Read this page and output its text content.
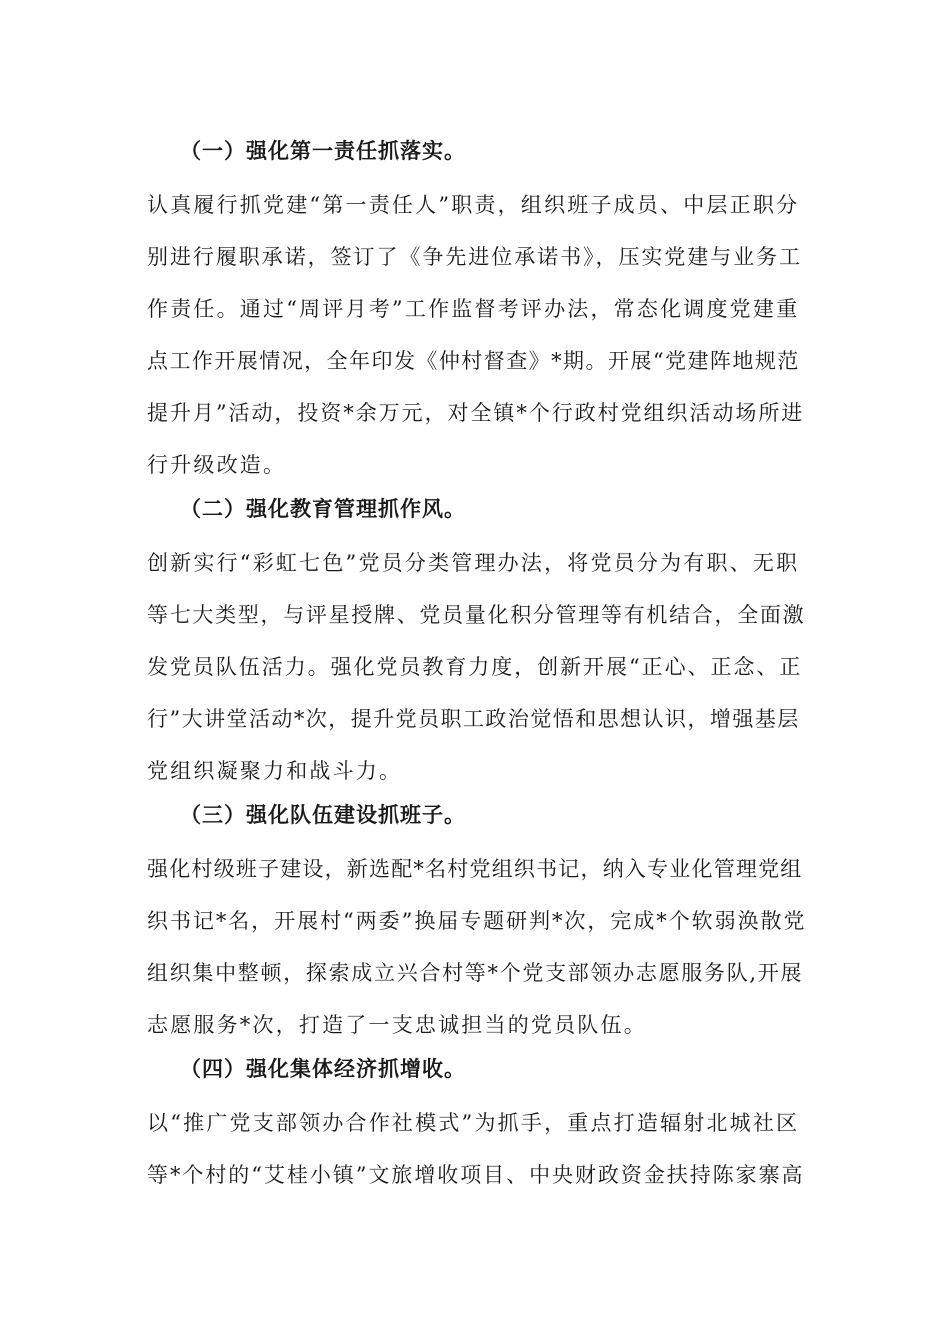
（一）强化第一责任抓落实。
认真履行抓党建“第一责任人”职责，组织班子成员、中层正职分
别进行履职承诺，签订了《争先进位承诺书》，压实党建与业务工
作责任。通过“周评月考”工作监督考评办法，常态化调度党建重
点工作开展情况，全年印发《仲村督查》*期。开展“党建阵地规范
提升月”活动，投资*余万元，对全镇*个行政村党组织活动场所进
行升级改造。
（二）强化教育管理抓作风。
创新实行“彩虹七色”党员分类管理办法，将党员分为有职、无职
等七大类型，与评星授牌、党员量化积分管理等有机结合，全面激
发党员队伍活力。强化党员教育力度，创新开展“正心、正念、正
行”大讲堂活动*次，提升党员职工政治觉悟和思想认识，增强基层
党组织凝聚力和战斗力。
（三）强化队伍建设抓班子。
强化村级班子建设，新选配*名村党组织书记，纳入专业化管理党组
织书记*名，开展村“两委”换届专题研判*次，完成*个软弱涣散党
组织集中整顿，探索成立兴合村等*个党支部领办志愿服务队,开展
志愿服务*次，打造了一支忠诚担当的党员队伍。
（四）强化集体经济抓增收。
以“推广党支部领办合作社模式”为抓手，重点打造辐射北城社区
等*个村的“艾桂小镇”文旅增收项目、中央财政资金扶持陈家寨高
